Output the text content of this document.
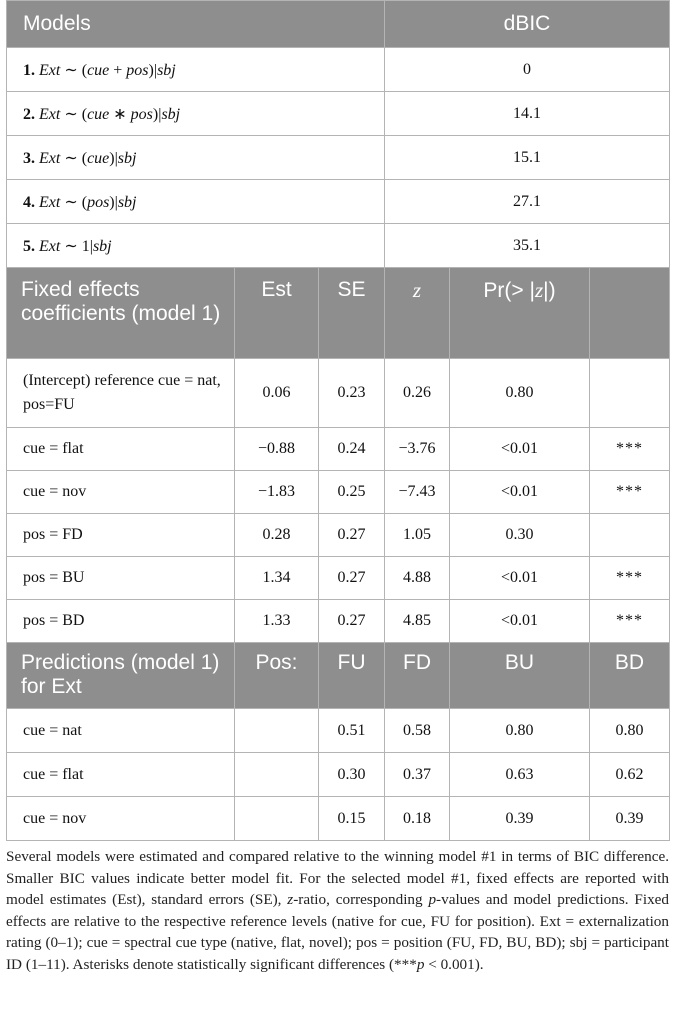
Models			dBIC		
1. Ext ∼ (cue + pos)|sbj			0		
2. Ext ∼ (cue ∗ pos)|sbj			14.1		
3. Ext ∼ (cue)|sbj			15.1		
4. Ext ∼ (pos)|sbj			27.1		
5. Ext ∼ 1|sbj			35.1		
Fixed effects coefficients (model 1)	Est	SE	z	Pr(> |z|)	
(Intercept) reference cue = nat, pos=FU	0.06	0.23	0.26	0.80	
cue = flat	−0.88	0.24	−3.76	<0.01	***
cue = nov	−1.83	0.25	−7.43	<0.01	***
pos = FD	0.28	0.27	1.05	0.30	
pos = BU	1.34	0.27	4.88	<0.01	***
pos = BD	1.33	0.27	4.85	<0.01	***
Predictions (model 1) for Ext	Pos:	FU	FD	BU	BD
cue = nat		0.51	0.58	0.80	0.80
cue = flat		0.30	0.37	0.63	0.62
cue = nov		0.15	0.18	0.39	0.39
Several models were estimated and compared relative to the winning model #1 in terms of BIC difference. Smaller BIC values indicate better model fit. For the selected model #1, fixed effects are reported with model estimates (Est), standard errors (SE), z-ratio, corresponding p-values and model predictions. Fixed effects are relative to the respective reference levels (native for cue, FU for position). Ext = externalization rating (0–1); cue = spectral cue type (native, flat, novel); pos = position (FU, FD, BU, BD); sbj = participant ID (1–11). Asterisks denote statistically significant differences (***p < 0.001).
